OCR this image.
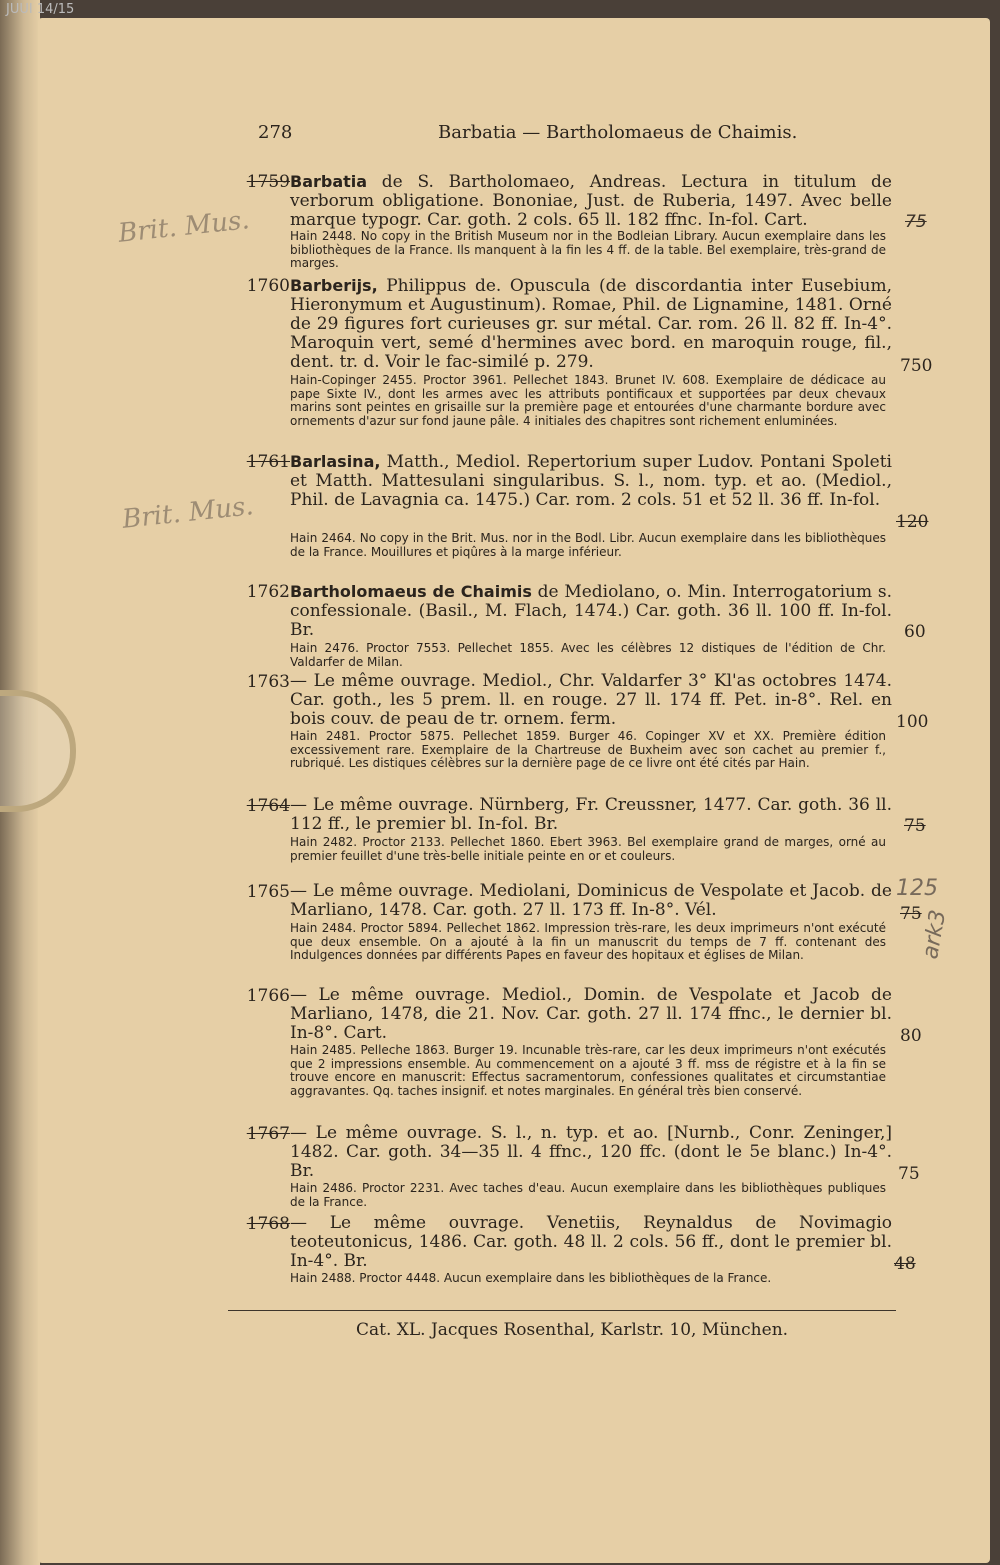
JUUI 14/15
278	Barbatia — Bartholomaeus de Chaimis.
Brit. Mus.
Brit. Mus.
1759 Barbatia de S. Bartholomaeo, Andreas. Lectura in titulum de verborum obligatione. Bononiae, Just. de Ruberia, 1497. Avec belle marque typogr. Car. goth. 2 cols. 65 ll. 182 ffnc. In-fol. Cart.
Hain 2448. No copy in the British Museum nor in the Bodleian Library. Aucun exemplaire dans les bibliothèques de la France. Ils manquent à la fin les 4 ff. de la table. Bel exemplaire, très-grand de marges.
75
1760 Barberijs, Philippus de. Opuscula (de discordantia inter Eusebium, Hieronymum et Augustinum). Romae, Phil. de Lignamine, 1481. Orné de 29 figures fort curieuses gr. sur métal. Car. rom. 26 ll. 82 ff. In-4°. Maroquin vert, semé d'hermines avec bord. en maroquin rouge, fil., dent. tr. d. Voir le fac-similé p. 279.
Hain-Copinger 2455. Proctor 3961. Pellechet 1843. Brunet IV. 608. Exemplaire de dédicace au pape Sixte IV., dont les armes avec les attributs pontificaux et supportées par deux chevaux marins sont peintes en grisaille sur la première page et entourées d'une charmante bordure avec ornements d'azur sur fond jaune pâle. 4 initiales des chapitres sont richement enluminées.
750
1761 Barlasina, Matth., Mediol. Repertorium super Ludov. Pontani Spoleti et Matth. Mattesulani singularibus. S. l., nom. typ. et ao. (Mediol., Phil. de Lavagnia ca. 1475.) Car. rom. 2 cols. 51 et 52 ll. 36 ff. In-fol.
Hain 2464. No copy in the Brit. Mus. nor in the Bodl. Libr. Aucun exemplaire dans les bibliothèques de la France. Mouillures et piqûres à la marge inférieur.
120
1762 Bartholomaeus de Chaimis de Mediolano, o. Min. Interrogatorium s. confessionale. (Basil., M. Flach, 1474.) Car. goth. 36 ll. 100 ff. In-fol. Br.
Hain 2476. Proctor 7553. Pellechet 1855. Avec les célèbres 12 distiques de l'édition de Chr. Valdarfer de Milan.
60
1763 — Le même ouvrage. Mediol., Chr. Valdarfer 3° Kl'as octobres 1474. Car. goth., les 5 prem. ll. en rouge. 27 ll. 174 ff. Pet. in-8°. Rel. en bois couv. de peau de tr. ornem. ferm.
Hain 2481. Proctor 5875. Pellechet 1859. Burger 46. Copinger XV et XX. Première édition excessivement rare. Exemplaire de la Chartreuse de Buxheim avec son cachet au premier f., rubriqué. Les distiques célèbres sur la dernière page de ce livre ont été cités par Hain.
100
1764 — Le même ouvrage. Nürnberg, Fr. Creussner, 1477. Car. goth. 36 ll. 112 ff., le premier bl. In-fol. Br.
Hain 2482. Proctor 2133. Pellechet 1860. Ebert 3963. Bel exemplaire grand de marges, orné au premier feuillet d'une très-belle initiale peinte en or et couleurs.
75
1765 — Le même ouvrage. Mediolani, Dominicus de Vespolate et Jacob. de Marliano, 1478. Car. goth. 27 ll. 173 ff. In-8°. Vél.
Hain 2484. Proctor 5894. Pellechet 1862. Impression très-rare, les deux imprimeurs n'ont exécuté que deux ensemble. On a ajouté à la fin un manuscrit du temps de 7 ff. contenant des Indulgences données par différents Papes en faveur des hopitaux et églises de Milan.
75
125
ark3
1766 — Le même ouvrage. Mediol., Domin. de Vespolate et Jacob de Marliano, 1478, die 21. Nov. Car. goth. 27 ll. 174 ffnc., le dernier bl. In-8°. Cart.
Hain 2485. Pelleche 1863. Burger 19. Incunable très-rare, car les deux imprimeurs n'ont exécutés que 2 impressions ensemble. Au commencement on a ajouté 3 ff. mss de régistre et à la fin se trouve encore en manuscrit: Effectus sacramentorum, confessiones qualitates et circumstantiae aggravantes. Qq. taches insignif. et notes marginales. En général très bien conservé.
80
1767 — Le même ouvrage. S. l., n. typ. et ao. [Nurnb., Conr. Zeninger,] 1482. Car. goth. 34—35 ll. 4 ffnc., 120 ffc. (dont le 5e blanc.) In-4°. Br.
Hain 2486. Proctor 2231. Avec taches d'eau. Aucun exemplaire dans les bibliothèques publiques de la France.
75
1768 — Le même ouvrage. Venetiis, Reynaldus de Novimagio teoteutonicus, 1486. Car. goth. 48 ll. 2 cols. 56 ff., dont le premier bl. In-4°. Br.
Hain 2488. Proctor 4448. Aucun exemplaire dans les bibliothèques de la France.
48
Cat. XL. Jacques Rosenthal, Karlstr. 10, München.
